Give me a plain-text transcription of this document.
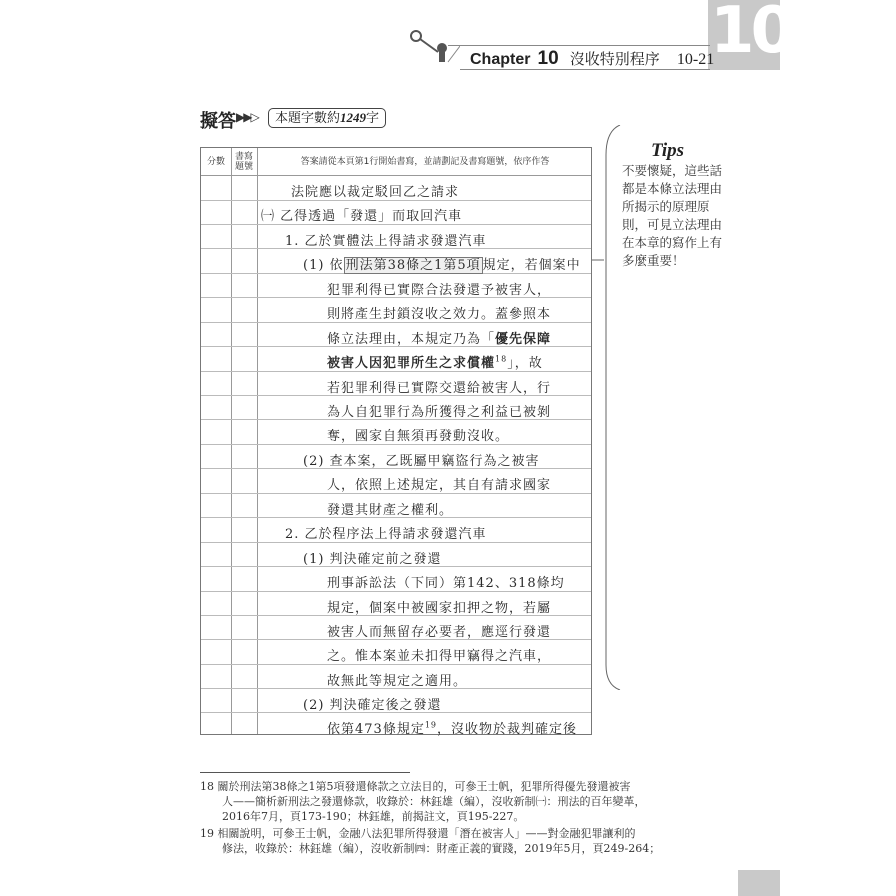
10
Chapter 10 沒收特別程序 10-21
擬答 ▶▶▷	本題字數約1249字
分數	書寫題號	答案請從本頁第1行開始書寫，並請劃記及書寫題號，依序作答
法院應以裁定駁回乙之請求
㈠ 乙得透過「發還」而取回汽車
1. 乙於實體法上得請求發還汽車
(1) 依 刑法第38條之1第5項 規定，若個案中
犯罪利得已實際合法發還予被害人，
則將產生封鎖沒收之效力。蓋參照本
條立法理由，本規定乃為「優先保障
被害人因犯罪所生之求償權$^{18}$」，故
若犯罪利得已實際交還給被害人，行
為人自犯罪行為所獲得之利益已被剝
奪，國家自無須再發動沒收。
(2) 查本案，乙既屬甲竊盜行為之被害
人，依照上述規定，其自有請求國家
發還其財產之權利。
2. 乙於程序法上得請求發還汽車
(1) 判決確定前之發還
刑事訴訟法（下同）第142、318條均
規定，個案中被國家扣押之物，若屬
被害人而無留存必要者，應逕行發還
之。惟本案並未扣得甲竊得之汽車，
故無此等規定之適用。
(2) 判決確定後之發還
依第473條規定$^{19}$，沒收物於裁判確定後
Tips
不要懷疑，這些話
都是本條立法理由
所揭示的原理原
則，可見立法理由
在本章的寫作上有
多麼重要！
18 關於刑法第38條之1第5項發還條款之立法目的，可參王士帆，犯罪所得優先發還被害
人——簡析新刑法之發還條款，收錄於：林鈺雄（編），沒收新制㈠：刑法的百年變革，
2016年7月，頁173-190；林鈺雄，前揭註文，頁195-227。
19 相關說明，可參王士帆，金融八法犯罪所得發還「潛在被害人」——對金融犯罪讓利的
修法，收錄於：林鈺雄（編），沒收新制㈣：財產正義的實踐，2019年5月，頁249-264；
